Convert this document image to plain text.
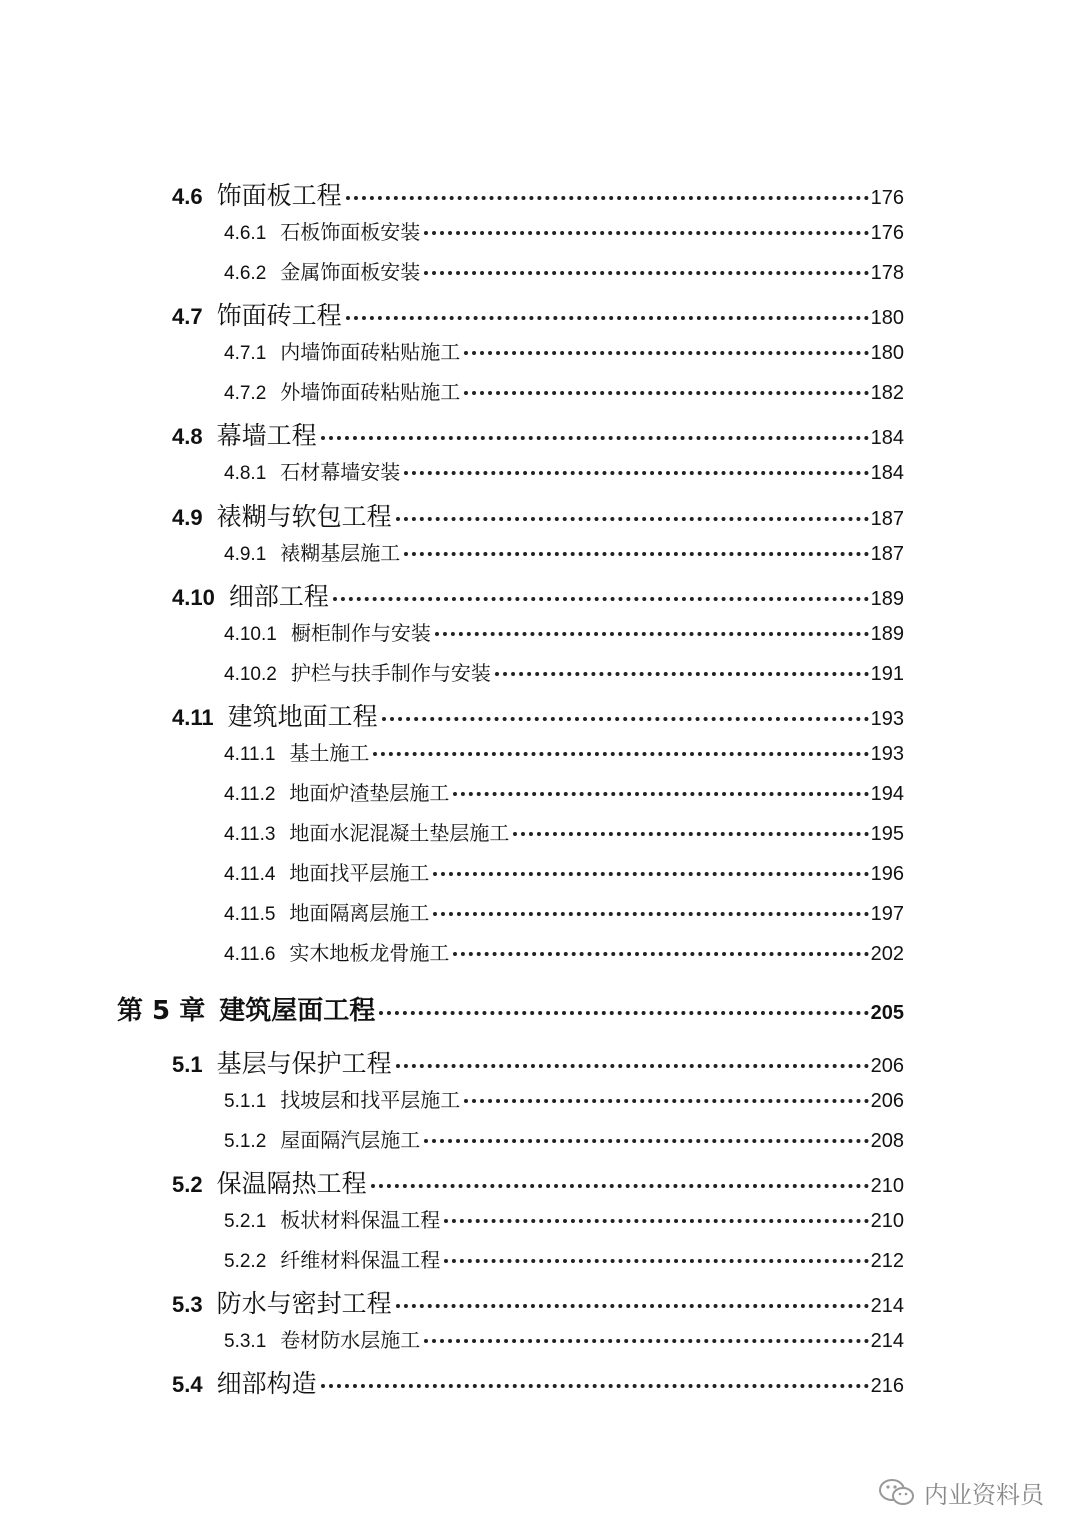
4.6 饰面板工程	176
4.6.1 石板饰面板安装	176
4.6.2 金属饰面板安装	178
4.7 饰面砖工程	180
4.7.1 内墙饰面砖粘贴施工	180
4.7.2 外墙饰面砖粘贴施工	182
4.8 幕墙工程	184
4.8.1 石材幕墙安装	184
4.9 裱糊与软包工程	187
4.9.1 裱糊基层施工	187
4.10 细部工程	189
4.10.1 橱柜制作与安装	189
4.10.2 护栏与扶手制作与安装	191
4.11 建筑地面工程	193
4.11.1 基土施工	193
4.11.2 地面炉渣垫层施工	194
4.11.3 地面水泥混凝土垫层施工	195
4.11.4 地面找平层施工	196
4.11.5 地面隔离层施工	197
4.11.6 实木地板龙骨施工	202
第 5 章 建筑屋面工程	205
5.1 基层与保护工程	206
5.1.1 找坡层和找平层施工	206
5.1.2 屋面隔汽层施工	208
5.2 保温隔热工程	210
5.2.1 板状材料保温工程	210
5.2.2 纤维材料保温工程	212
5.3 防水与密封工程	214
5.3.1 卷材防水层施工	214
5.4 细部构造	216
内业资料员
